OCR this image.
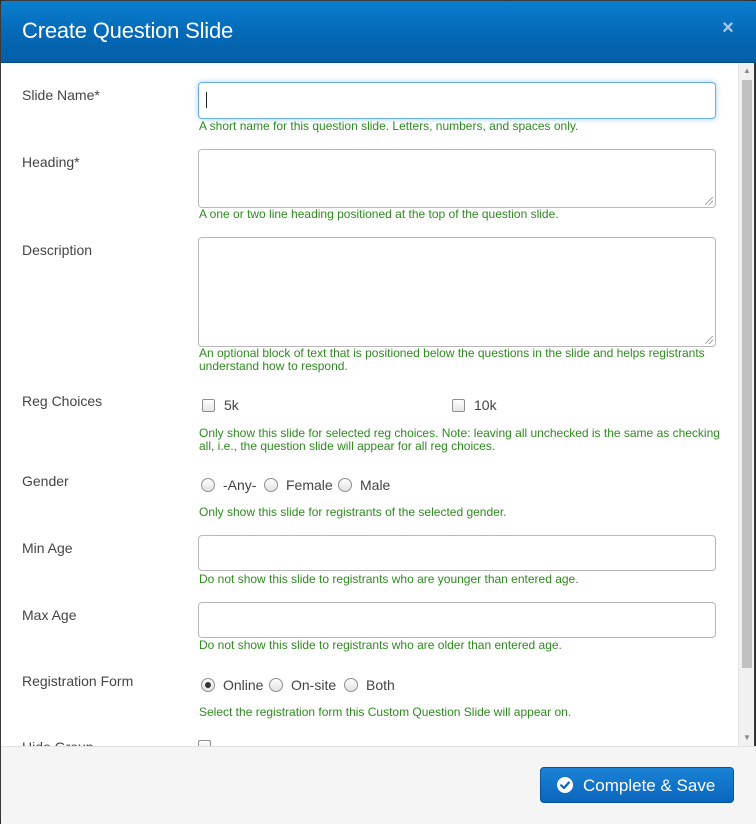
Create Question Slide	×
Slide Name*
A short name for this question slide. Letters, numbers, and spaces only.
Heading*
A one or two line heading positioned at the top of the question slide.
Description
An optional block of text that is positioned below the questions in the slide and helps registrants understand how to respond.
Reg Choices	5k	10k
Only show this slide for selected reg choices. Note: leaving all unchecked is the same as checking all, i.e., the question slide will appear for all reg choices.
Gender	-Any- Female Male
Only show this slide for registrants of the selected gender.
Min Age
Do not show this slide to registrants who are younger than entered age.
Max Age
Do not show this slide to registrants who are older than entered age.
Registration Form	Online On-site Both
Select the registration form this Custom Question Slide will appear on.
▲
▼
Complete & Save
